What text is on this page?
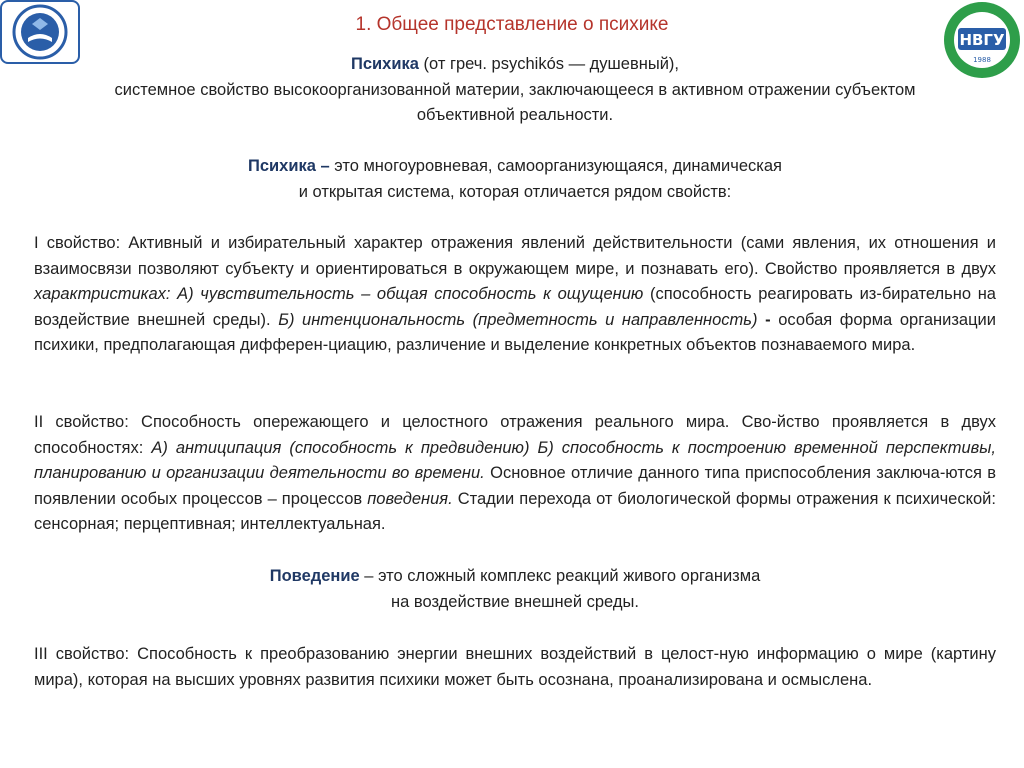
НВГУ
1988
1. Общее представление о психике

Психика (от греч. psychikós — душевный),

системное свойство высокоорганизованной материи, заключающееся в активном отражении субъектом

объективной реальности.

Психика – это многоуровневая, самоорганизующаяся, динамическая

и открытая система, которая отличается рядом свойств:

I свойство: Активный и избирательный характер отражения явлений действительности (сами явления, их отношения и взаимосвязи позволяют субъекту и ориентироваться в окружающем мире, и познавать его). Свойство проявляется в двух характристиках: А) чувствительность – общая способность к ощущению (способность реагировать из-бирательно на воздействие внешней среды). Б) интенциональность (предметность и направленность) - особая форма организации психики, предполагающая дифферен-циацию, различение и выделение конкретных объектов познаваемого мира.
II свойство: Способность опережающего и целостного отражения реального мира. Сво-йство проявляется в двух способностях: А) антиципация (способность к предвидению) Б) способность к построению временной перспективы, планированию и организации деятельности во времени. Основное отличие данного типа приспособления заключа-ются в появлении особых процессов – процессов поведения. Стадии перехода от биологической формы отражения к психической: сенсорная; перцептивная; интеллектуальная.

Поведение – это сложный комплекс реакций живого организма

на воздействие внешней среды.

III свойство: Способность к преобразованию энергии внешних воздействий в целост-ную информацию о мире (картину мира), которая на высших уровнях развития психики может быть осознана, проанализирована и осмыслена.
